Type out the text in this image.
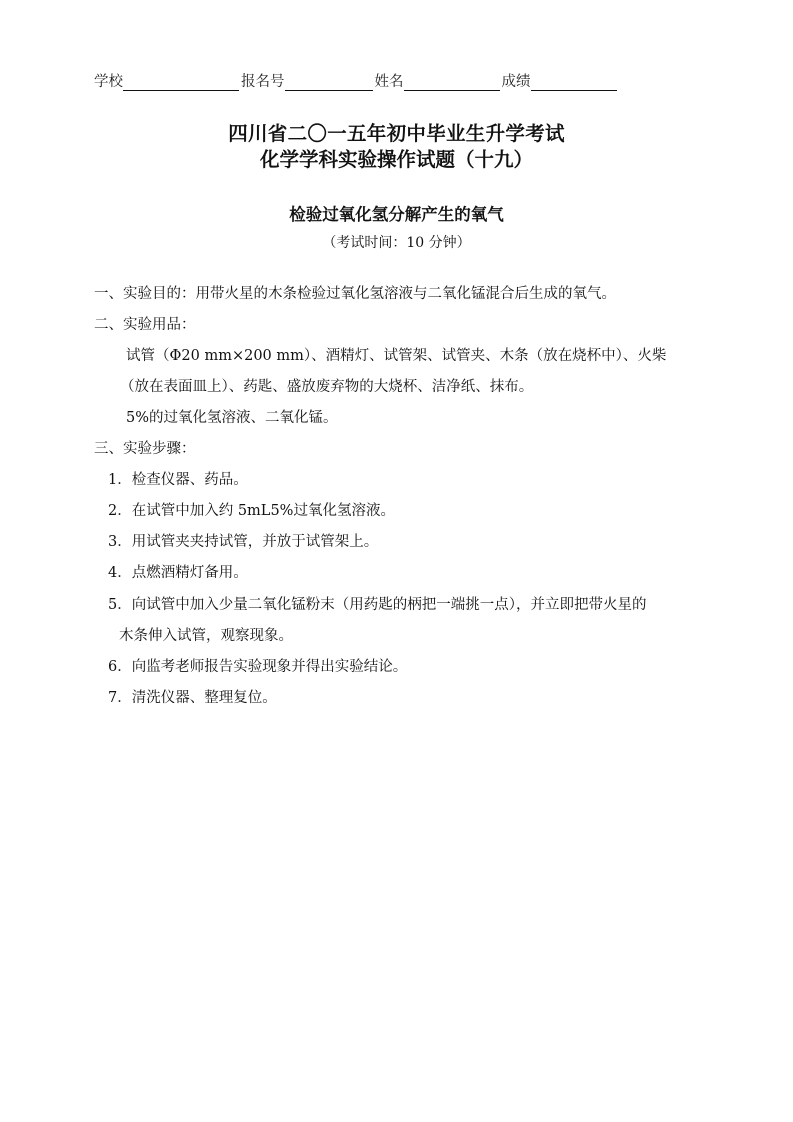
学校	报名号	姓名	成绩
四川省二〇一五年初中毕业生升学考试
化学学科实验操作试题（十九）
检验过氧化氢分解产生的氧气
（考试时间：10 分钟）
一、实验目的：用带火星的木条检验过氧化氢溶液与二氧化锰混合后生成的氧气。
二、实验用品：
试管（Φ20 mm×200 mm）、酒精灯、试管架、试管夹、木条（放在烧杯中）、火柴
（放在表面皿上）、药匙、盛放废弃物的大烧杯、洁净纸、抹布。
5%的过氧化氢溶液、二氧化锰。
三、实验步骤：
1．检查仪器、药品。
2．在试管中加入约 5mL5%过氧化氢溶液。
3．用试管夹夹持试管，并放于试管架上。
4．点燃酒精灯备用。
5．向试管中加入少量二氧化锰粉末（用药匙的柄把一端挑一点），并立即把带火星的
木条伸入试管，观察现象。
6．向监考老师报告实验现象并得出实验结论。
7．清洗仪器、整理复位。
